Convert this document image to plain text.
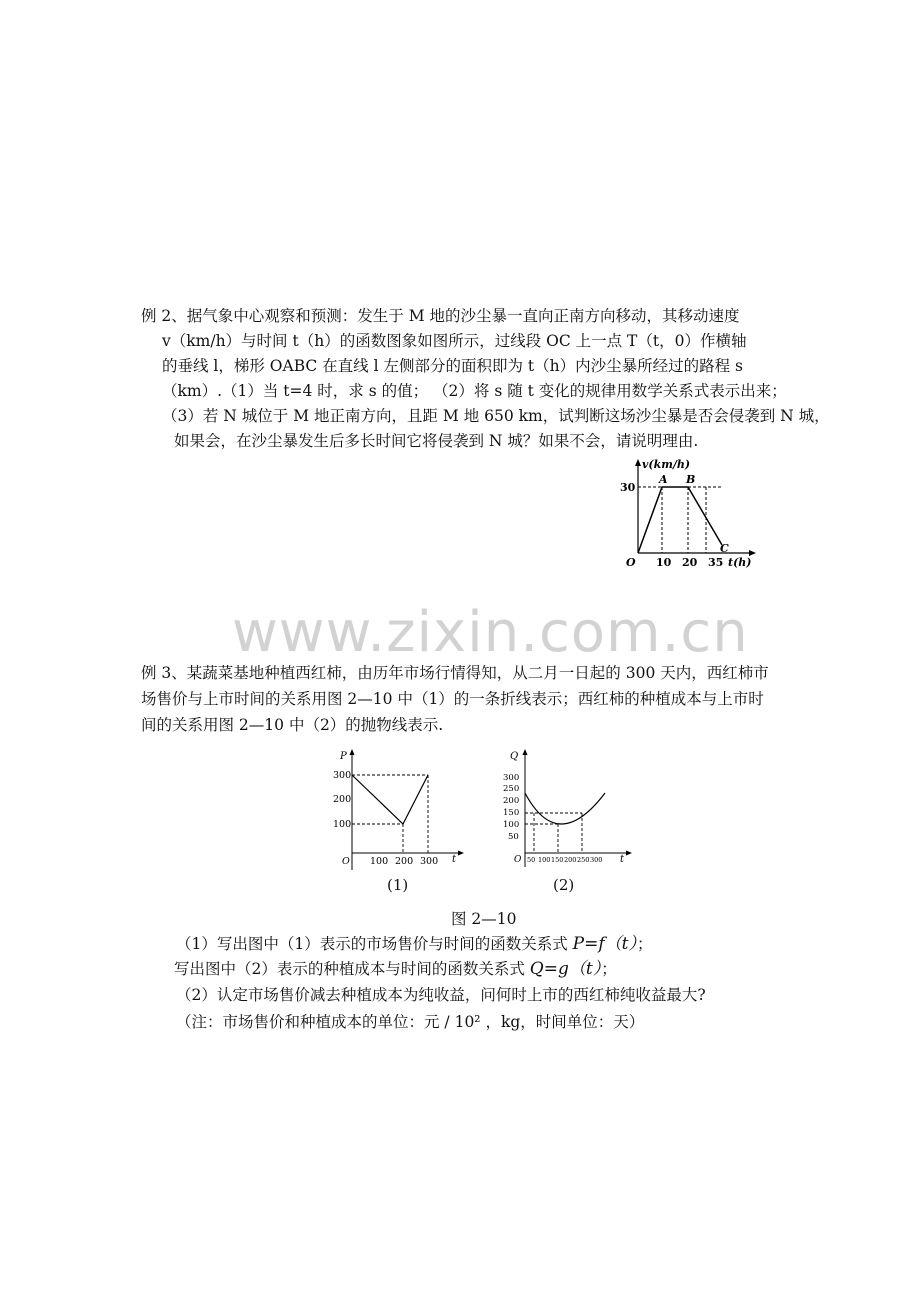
例 2、据气象中心观察和预测：发生于 M 地的沙尘暴一直向正南方向移动，其移动速度
v（km/h）与时间 t（h）的函数图象如图所示，过线段 OC 上一点 T（t，0）作横轴
的垂线 l，梯形 OABC 在直线 l 左侧部分的面积即为 t（h）内沙尘暴所经过的路程 s
（km）.（1）当 t=4 时，求 s 的值； （2）将 s 随 t 变化的规律用数学关系式表示出来；
（3）若 N 城位于 M 地正南方向，且距 M 地 650 km，试判断这场沙尘暴是否会侵袭到 N 城，
如果会，在沙尘暴发生后多长时间它将侵袭到 N 城？如果不会，请说明理由.
v(km/h)
30
O 10 20 35 t(h)
A B
C
www.zixin.com.cn
例 3、某蔬菜基地种植西红柿，由历年市场行情得知，从二月一日起的 300 天内，西红柿市
场售价与上市时间的关系用图 2—10 中（1）的一条折线表示；西红柿的种植成本与上市时
间的关系用图 2—10 中（2）的抛物线表示.
P
300
200
100
O 100 200 300 t
(1)
Q
300
250
200
150
100
50
O 50 100 150 200 250 300 t
(2)
图 2—10
（1）写出图中（1）表示的市场售价与时间的函数关系式 P=f（t）；
写出图中（2）表示的种植成本与时间的函数关系式 Q=g（t）；
（2）认定市场售价减去种植成本为纯收益，问何时上市的西红柿纯收益最大?
（注：市场售价和种植成本的单位：元 / 10² ，kg，时间单位：天）
